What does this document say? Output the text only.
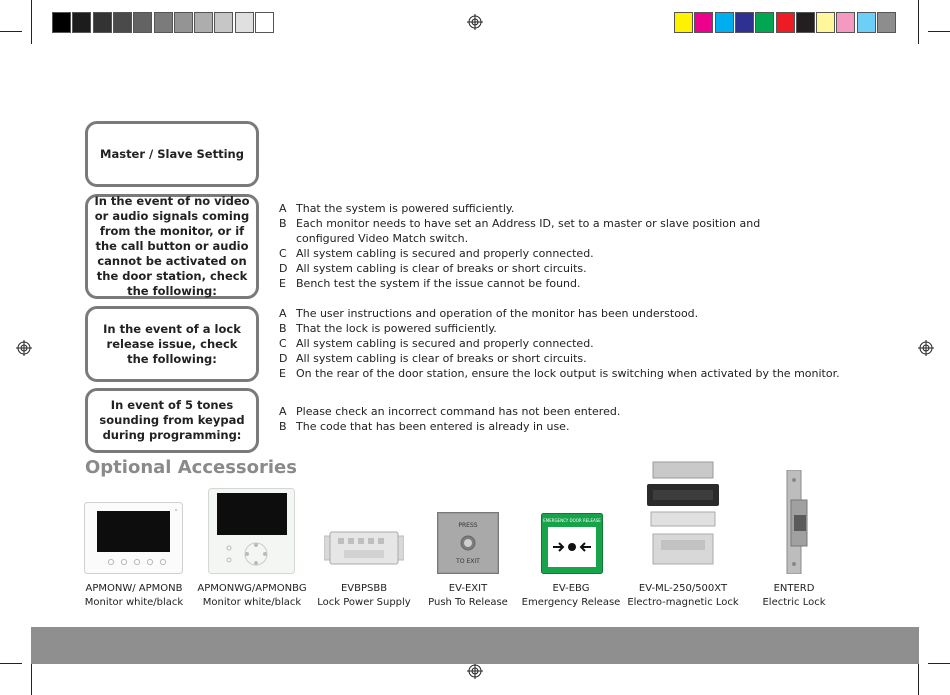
Master / Slave Setting
In the event of no video or audio signals coming from the monitor, or if the call button or audio cannot be activated on the door station, check the following:
In the event of a lock release issue, check the following:
In event of 5 tones sounding from keypad during programming:
A That the system is powered sufficiently.
B Each monitor needs to have set an Address ID, set to a master or slave position and
configured Video Match switch.
C All system cabling is secured and properly connected.
D All system cabling is clear of breaks or short circuits.
E Bench test the system if the issue cannot be found.
A The user instructions and operation of the monitor has been understood.
B That the lock is powered sufficiently.
C All system cabling is secured and properly connected.
D All system cabling is clear of breaks or short circuits.
E On the rear of the door station, ensure the lock output is switching when activated by the monitor.
A Please check an incorrect command has not been entered.
B The code that has been entered is already in use.
Optional Accessories
PRESS
TO EXIT
EMERGENCY DOOR RELEASE
APMONW/ APMONB
Monitor white/black
APMONWG/APMONBG
Monitor white/black
EVBPSBB
Lock Power Supply
EV-EXIT
Push To Release
EV-EBG
Emergency Release
EV-ML-250/500XT
Electro-magnetic Lock
ENTERD
Electric Lock
